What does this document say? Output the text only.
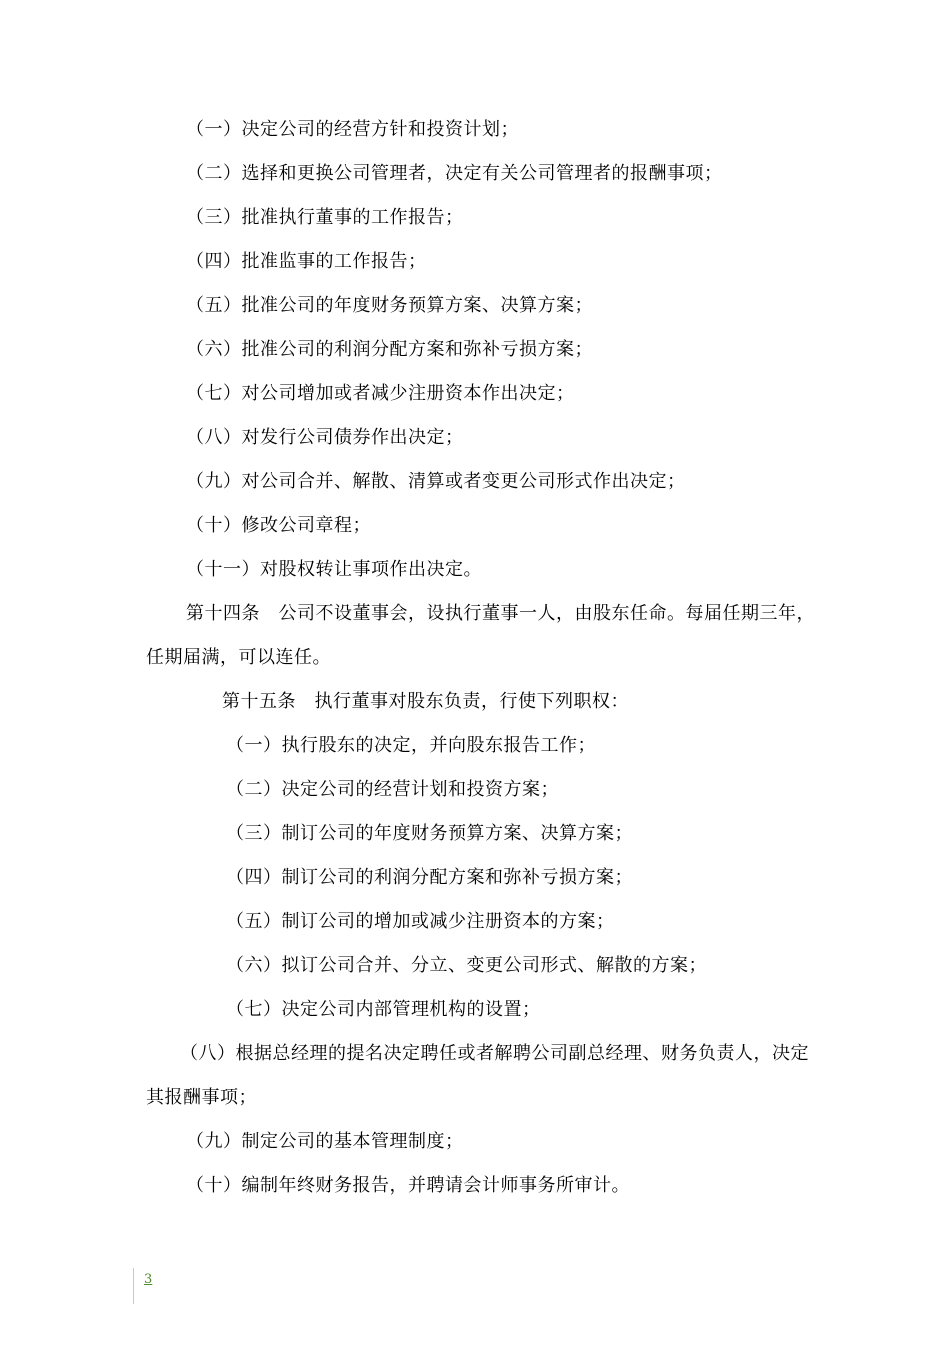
（一）决定公司的经营方针和投资计划；
（二）选择和更换公司管理者，决定有关公司管理者的报酬事项；
（三）批准执行董事的工作报告；
（四）批准监事的工作报告；
（五）批准公司的年度财务预算方案、决算方案；
（六）批准公司的利润分配方案和弥补亏损方案；
（七）对公司增加或者减少注册资本作出决定；
（八）对发行公司债券作出决定；
（九）对公司合并、解散、清算或者变更公司形式作出决定；
（十）修改公司章程；
（十一）对股权转让事项作出决定。
第十四条　公司不设董事会，设执行董事一人，由股东任命。每届任期三年，
任期届满，可以连任。
第十五条　执行董事对股东负责，行使下列职权：
（一）执行股东的决定，并向股东报告工作；
（二）决定公司的经营计划和投资方案；
（三）制订公司的年度财务预算方案、决算方案；
（四）制订公司的利润分配方案和弥补亏损方案；
（五）制订公司的增加或减少注册资本的方案；
（六）拟订公司合并、分立、变更公司形式、解散的方案；
（七）决定公司内部管理机构的设置；
（八）根据总经理的提名决定聘任或者解聘公司副总经理、财务负责人，决定
其报酬事项；
（九）制定公司的基本管理制度；
（十）编制年终财务报告，并聘请会计师事务所审计。
3
